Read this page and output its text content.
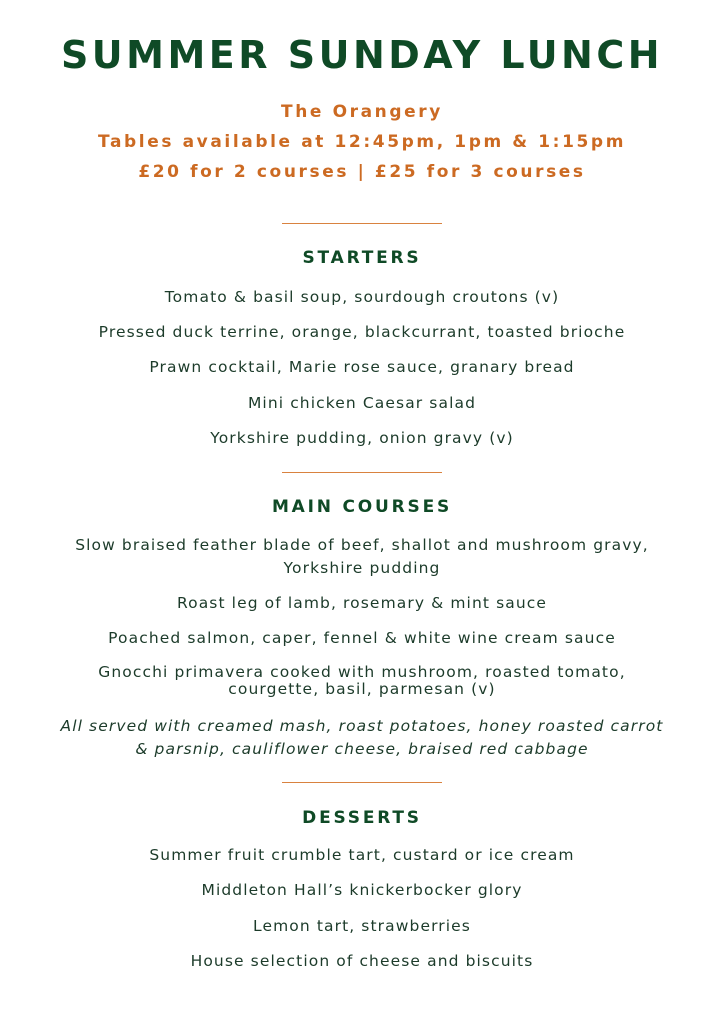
SUMMER SUNDAY LUNCH
The Orangery
Tables available at 12:45pm, 1pm & 1:15pm
£20 for 2 courses | £25 for 3 courses
STARTERS
Tomato & basil soup, sourdough croutons (v)
Pressed duck terrine, orange, blackcurrant, toasted brioche
Prawn cocktail, Marie rose sauce, granary bread
Mini chicken Caesar salad
Yorkshire pudding, onion gravy (v)
MAIN COURSES
Slow braised feather blade of beef, shallot and mushroom gravy,
Yorkshire pudding
Roast leg of lamb, rosemary & mint sauce
Poached salmon, caper, fennel & white wine cream sauce
Gnocchi primavera cooked with mushroom, roasted tomato,
courgette, basil, parmesan (v)
All served with creamed mash, roast potatoes, honey roasted carrot
& parsnip, cauliflower cheese, braised red cabbage
DESSERTS
Summer fruit crumble tart, custard or ice cream
Middleton Hall’s knickerbocker glory
Lemon tart, strawberries
House selection of cheese and biscuits
